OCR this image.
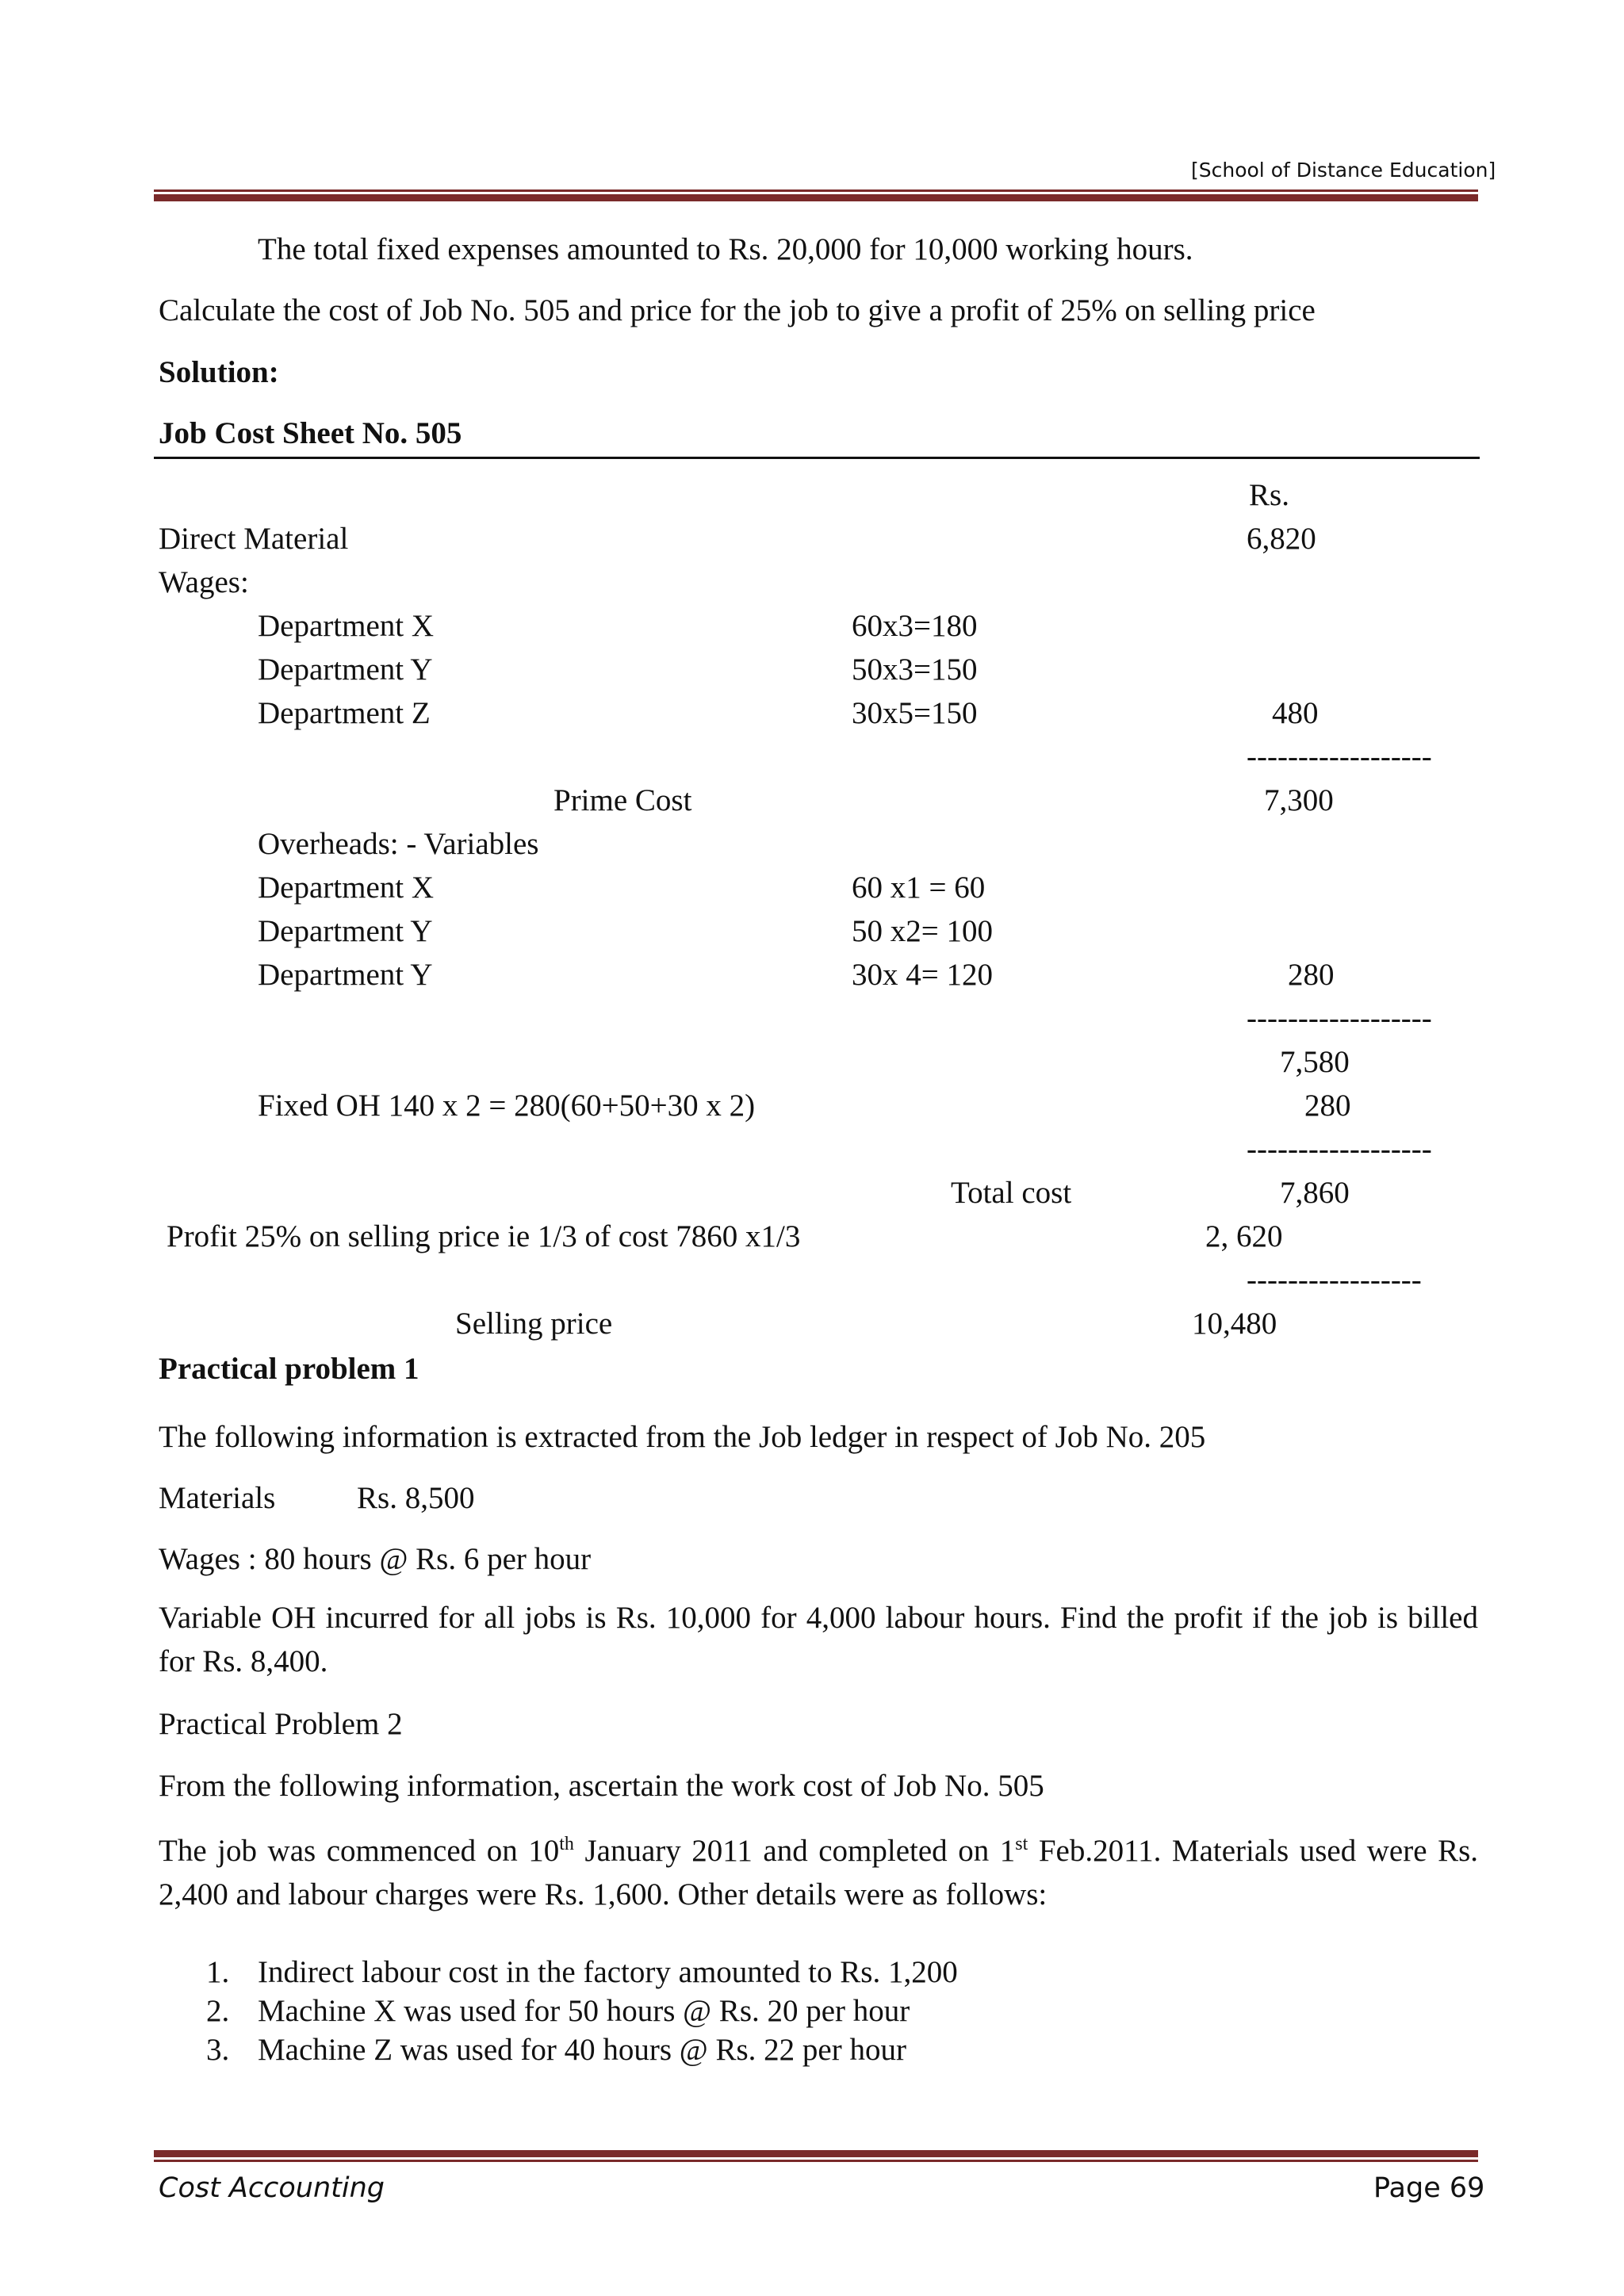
[School of Distance Education]
The total fixed expenses amounted to Rs. 20,000 for 10,000 working hours.
Calculate the cost of Job No. 505 and price for the job to give a profit of 25% on selling price
Solution:
Job Cost Sheet No. 505
Rs.
Direct Material	6,820
Wages:
Department X	60x3=180
Department Y	50x3=150
Department Z	30x5=150	480
------------------
Prime Cost	7,300
Overheads: - Variables
Department X	60 x1 = 60
Department Y	50 x2= 100
Department Y	30x 4= 120	280
------------------
7,580
Fixed OH 140 x 2 = 280(60+50+30 x 2)	280
------------------
Total cost	7,860
Profit 25% on selling price ie 1/3 of cost 7860 x1/3	2, 620
-----------------
Selling price	10,480
Practical problem 1
The following information is extracted from the Job ledger in respect of Job No. 205
Materials	Rs. 8,500
Wages : 80 hours @ Rs. 6 per hour
Variable OH incurred for all jobs is Rs. 10,000 for 4,000 labour hours. Find the profit if the job is billed for Rs. 8,400.
Practical Problem 2
From the following information, ascertain the work cost of Job No. 505
The job was commenced on 10th January 2011 and completed on 1st Feb.2011. Materials used were Rs. 2,400 and labour charges were Rs. 1,600. Other details were as follows:
1. Indirect labour cost in the factory amounted to Rs. 1,200
2. Machine X was used for 50 hours @ Rs. 20 per hour
3. Machine Z was used for 40 hours @ Rs. 22 per hour
Cost Accounting	Page 69
